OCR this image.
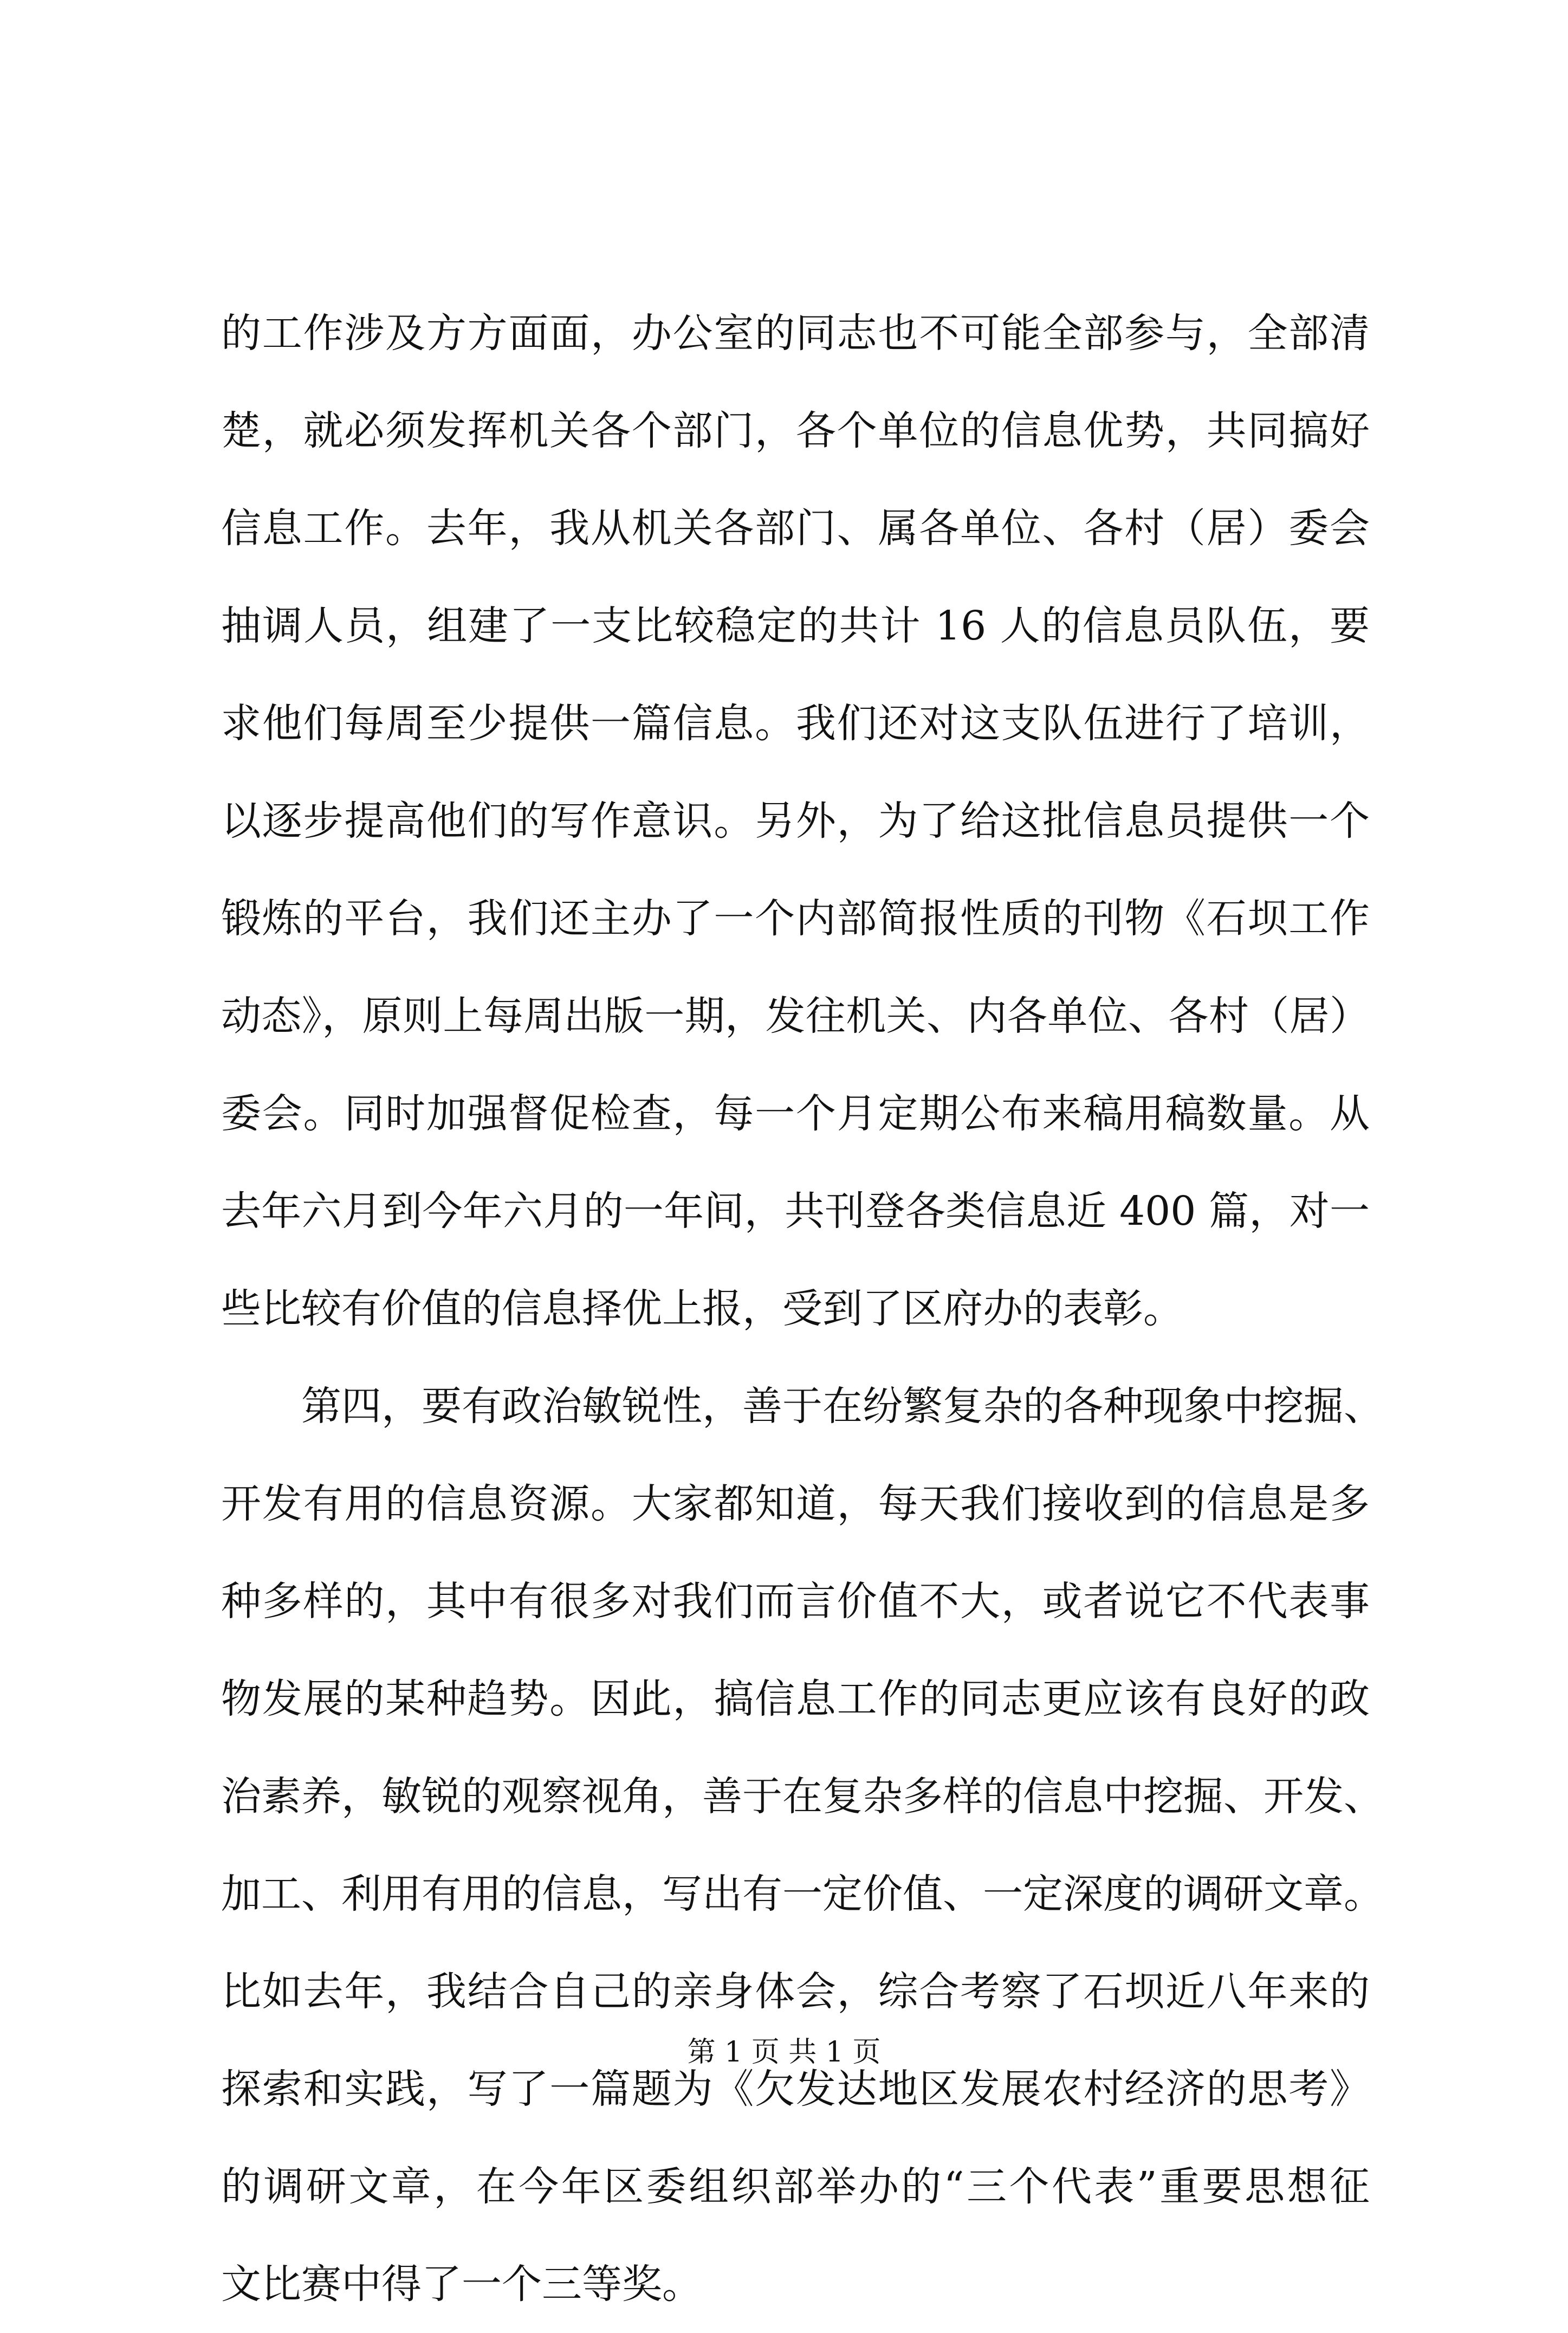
的工作涉及方方面面，办公室的同志也不可能全部参与，全部清
楚，就必须发挥机关各个部门，各个单位的信息优势，共同搞好
信息工作。去年，我从机关各部门、属各单位、各村（居）委会
抽调人员，组建了一支比较稳定的共计 16 人的信息员队伍，要
求他们每周至少提供一篇信息。我们还对这支队伍进行了培训，
以逐步提高他们的写作意识。另外，为了给这批信息员提供一个
锻炼的平台，我们还主办了一个内部简报性质的刊物《石坝工作
动态》，原则上每周出版一期，发往机关、内各单位、各村（居）
委会。同时加强督促检查，每一个月定期公布来稿用稿数量。从
去年六月到今年六月的一年间，共刊登各类信息近 400 篇，对一
些比较有价值的信息择优上报，受到了区府办的表彰。
　　第四，要有政治敏锐性，善于在纷繁复杂的各种现象中挖掘、
开发有用的信息资源。大家都知道，每天我们接收到的信息是多
种多样的，其中有很多对我们而言价值不大，或者说它不代表事
物发展的某种趋势。因此，搞信息工作的同志更应该有良好的政
治素养，敏锐的观察视角，善于在复杂多样的信息中挖掘、开发、
加工、利用有用的信息，写出有一定价值、一定深度的调研文章。
比如去年，我结合自己的亲身体会，综合考察了石坝近八年来的
探索和实践，写了一篇题为《欠发达地区发展农村经济的思考》
的调研文章，在今年区委组织部举办的“三个代表”重要思想征
文比赛中得了一个三等奖。
第 1 页 共 1 页
